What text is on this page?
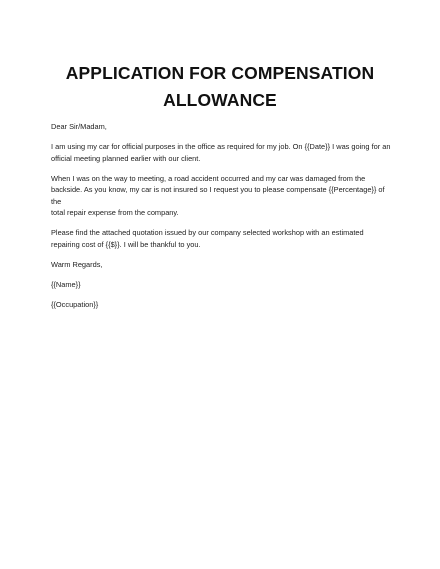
APPLICATION FOR COMPENSATION
ALLOWANCE

Dear Sir/Madam,

I am using my car for official purposes in the office as required for my job. On {{Date}} I was going for an
official meeting planned earlier with our client.

When I was on the way to meeting, a road accident occurred and my car was damaged from the
backside. As you know, my car is not insured so I request you to please compensate {{Percentage}} of the
total repair expense from the company.

Please find the attached quotation issued by our company selected workshop with an estimated
repairing cost of {{$}}. I will be thankful to you.

Warm Regards,

{{Name}}

{{Occupation}}
